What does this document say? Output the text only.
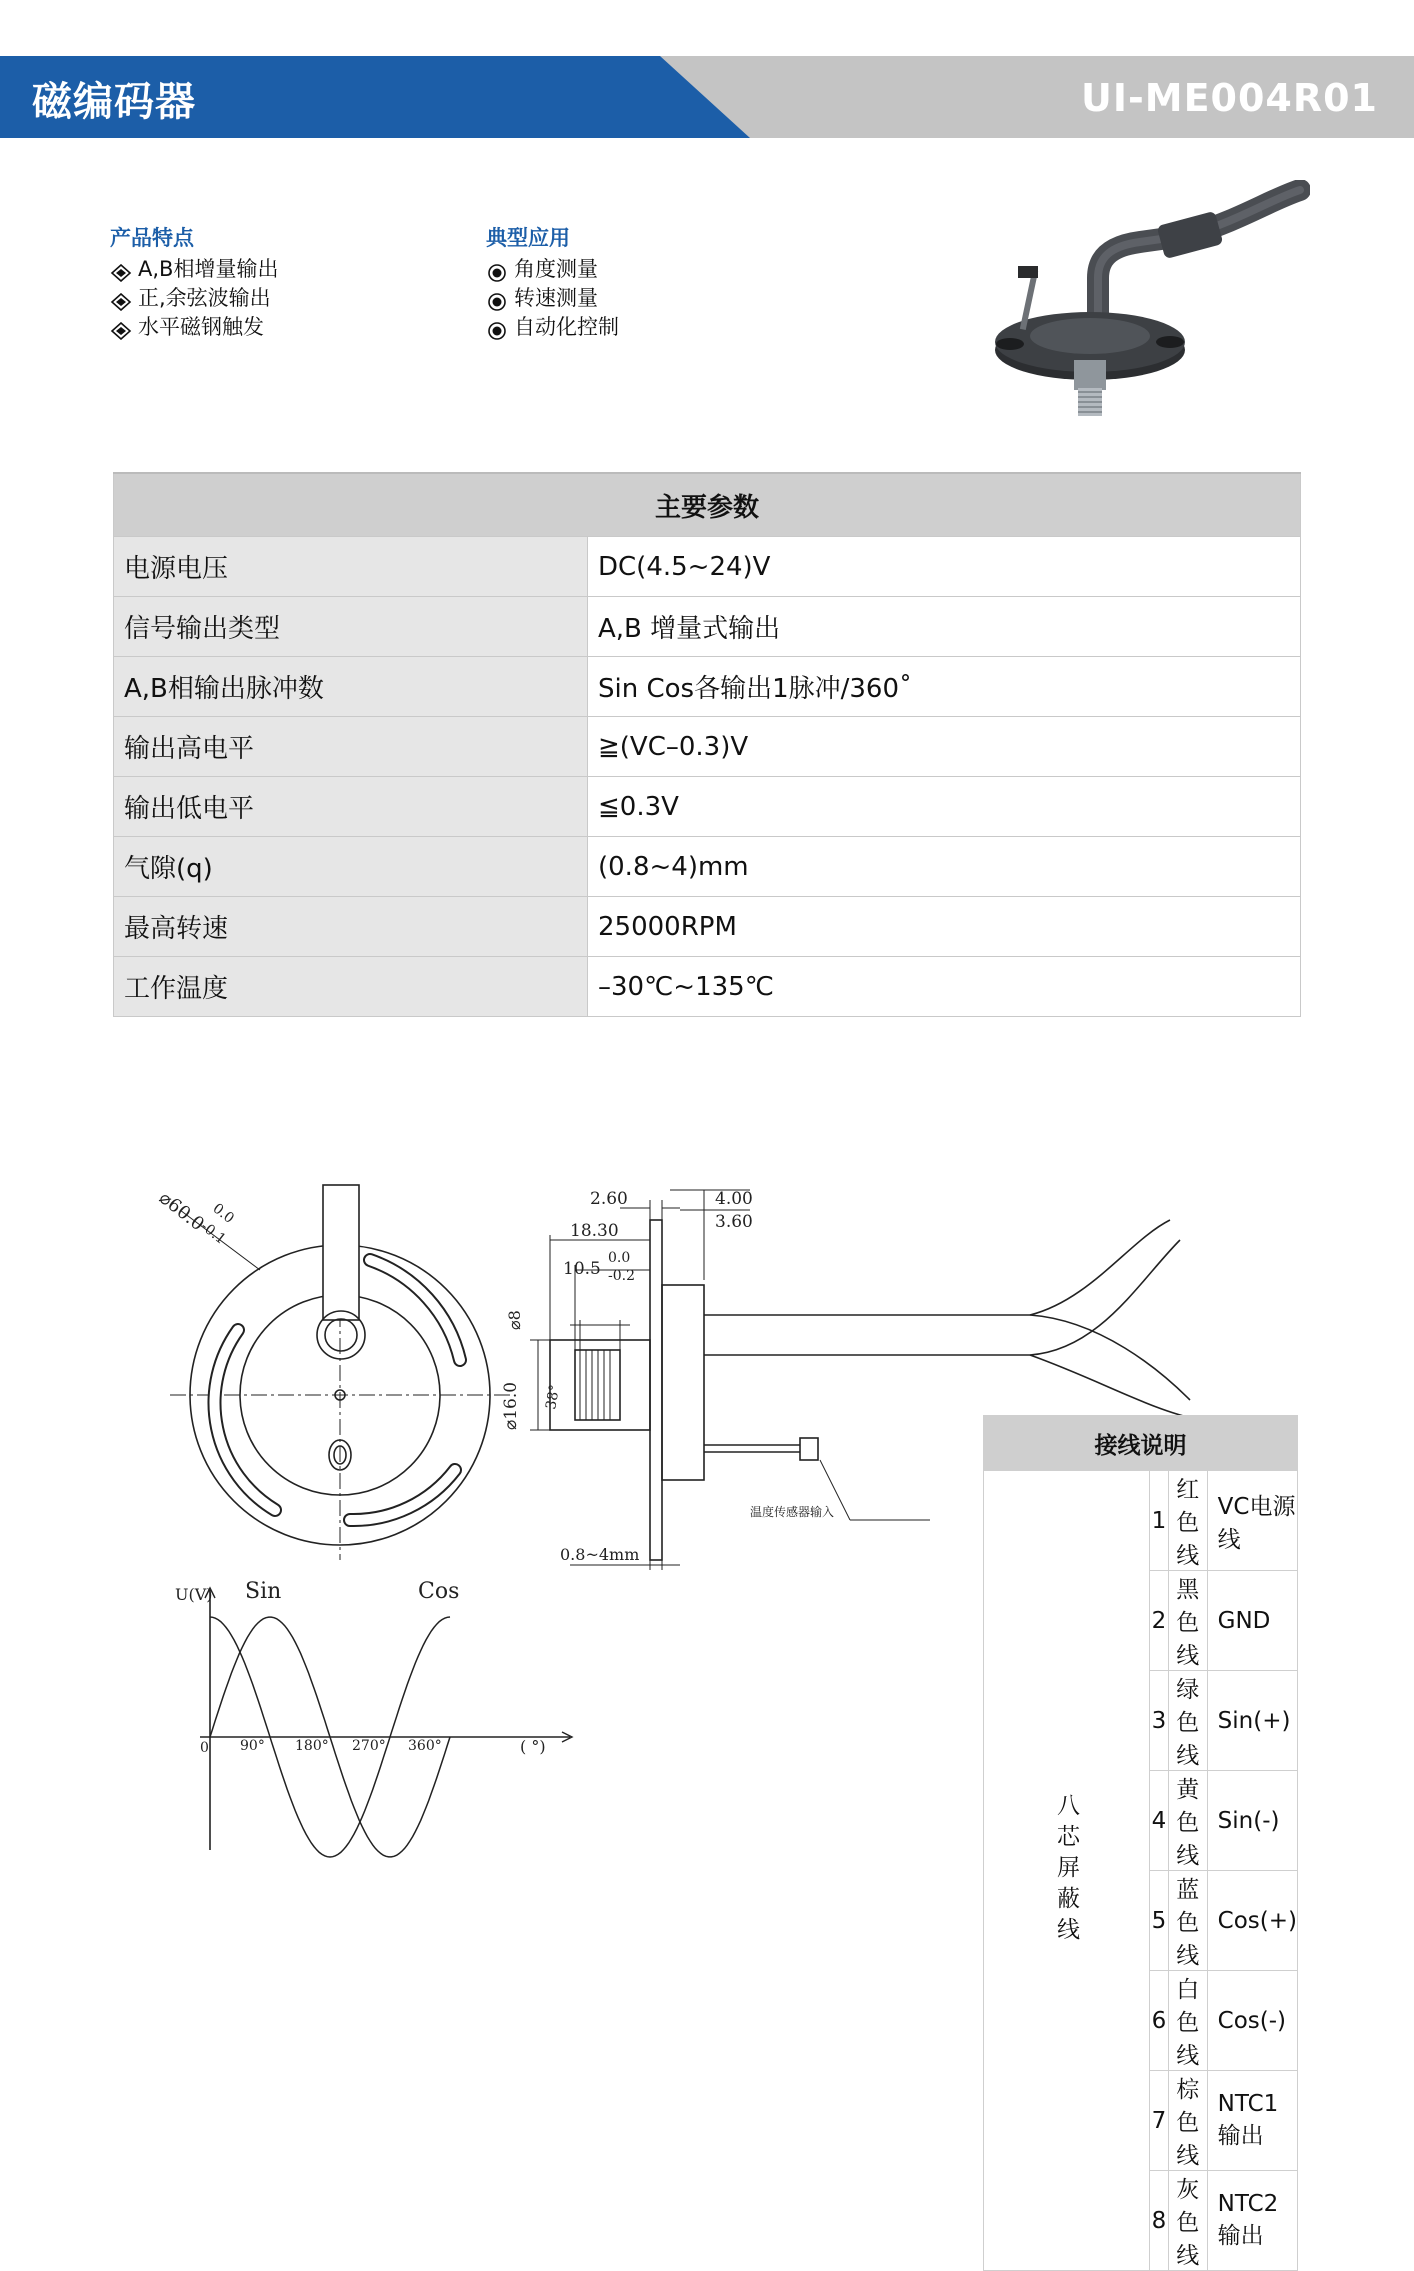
磁编码器	UI-ME004R01
产品特点
A,B相增量输出
正,余弦波输出
水平磁钢触发
典型应用
角度测量
转速测量
自动化控制
主要参数	
电源电压	DC(4.5~24)V
信号输出类型	A,B 增量式输出
A,B相输出脉冲数	Sin Cos各输出1脉冲/360˚
输出高电平	≧(VC–0.3)V
输出低电平	≦0.3V
气隙(q)	(0.8~4)mm
最高转速	25000RPM
工作温度	–30℃~135℃
⌀60.0 0.0
-0.1
温度传感器输入
2.60	4.00
3.60
18.30
10.5
0.0
-0.2
⌀8
⌀16.0 38°
0.8~4mm
U(V) Sin	Cos
( °)
0 90° 180° 270° 360°
接线说明			
八芯屏蔽线	1	红色线	VC电源线
	2	黑色线	GND
	3	绿色线	Sin(+)
	4	黄色线	Sin(-)
	5	蓝色线	Cos(+)
	6	白色线	Cos(-)
	7	棕色线	NTC1输出
	8	灰色线	NTC2输出
